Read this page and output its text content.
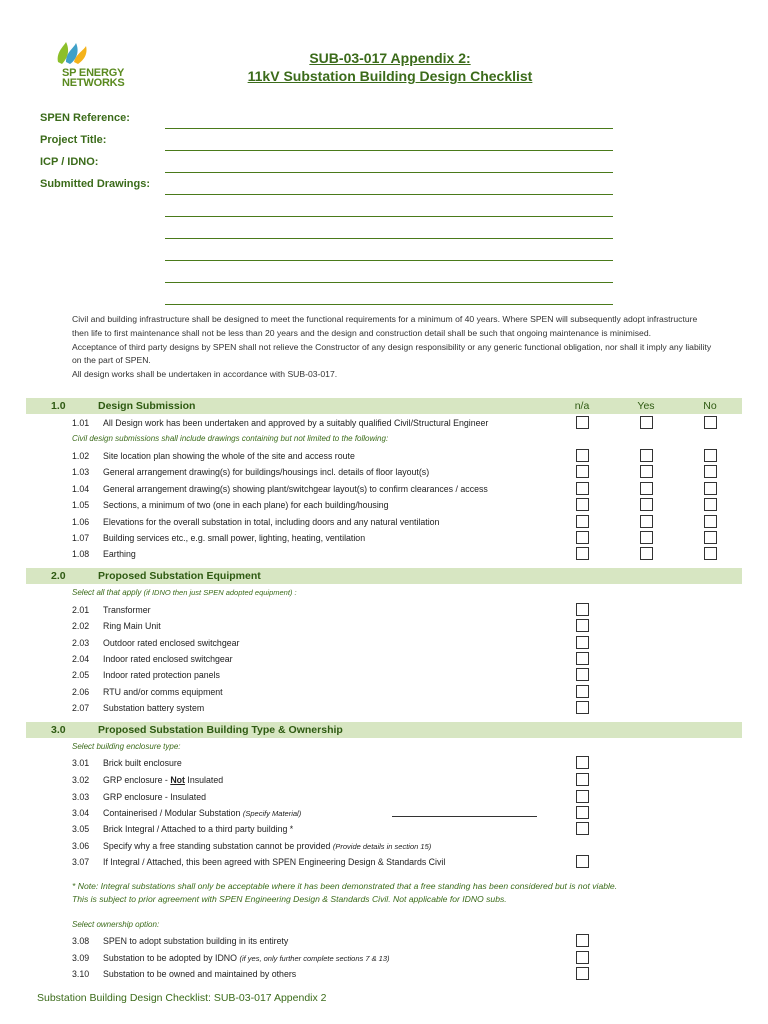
SP ENERGY
NETWORKS
SUB-03-017 Appendix 2:
11kV Substation Building Design Checklist
SPEN Reference:
Project Title:
ICP / IDNO:
Submitted Drawings:

Civil and building infrastructure shall be designed to meet the functional requirements for a minimum of 40 years. Where SPEN will subsequently adopt infrastructure then life to first maintenance shall not be less than 20 years and the design and construction detail shall be such that ongoing maintenance is minimised.

Acceptance of third party designs by SPEN shall not relieve the Constructor of any design responsibility or any generic functional obligation, nor shall it imply any liability on the part of SPEN.

All design works shall be undertaken in accordance with SUB-03-017.

1.0	Design Submission	n/a	Yes	No
1.01 All Design work has been undertaken and approved by a suitably qualified Civil/Structural Engineer
Civil design submissions shall include drawings containing but not limited to the following:
1.02 Site location plan showing the whole of the site and access route
1.03 General arrangement drawing(s) for buildings/housings incl. details of floor layout(s)
1.04 General arrangement drawing(s) showing plant/switchgear layout(s) to confirm clearances / access
1.05 Sections, a minimum of two (one in each plane) for each building/housing
1.06 Elevations for the overall substation in total, including doors and any natural ventilation
1.07 Building services etc., e.g. small power, lighting, heating, ventilation
1.08 Earthing
2.0	Proposed Substation Equipment
Select all that apply (if IDNO then just SPEN adopted equipment) :
2.01 Transformer
2.02 Ring Main Unit
2.03 Outdoor rated enclosed switchgear
2.04 Indoor rated enclosed switchgear
2.05 Indoor rated protection panels
2.06 RTU and/or comms equipment
2.07 Substation battery system
3.0	Proposed Substation Building Type & Ownership
Select building enclosure type:
3.01 Brick built enclosure
3.02 GRP enclosure - Not Insulated
3.03 GRP enclosure - Insulated
3.04 Containerised / Modular Substation (Specify Material)
3.05 Brick Integral / Attached to a third party building *
3.06 Specify why a free standing substation cannot be provided (Provide details in section 15)
3.07 If Integral / Attached, this been agreed with SPEN Engineering Design & Standards Civil

* Note: Integral substations shall only be acceptable where it has been demonstrated that a free standing has been considered but is not viable.

This is subject to prior agreement with SPEN Engineering Design & Standards Civil. Not applicable for IDNO subs.

Select ownership option:
3.08 SPEN to adopt substation building in its entirety
3.09 Substation to be adopted by IDNO (if yes, only further complete sections 7 & 13)
3.10 Substation to be owned and maintained by others
Substation Building Design Checklist: SUB-03-017 Appendix 2
